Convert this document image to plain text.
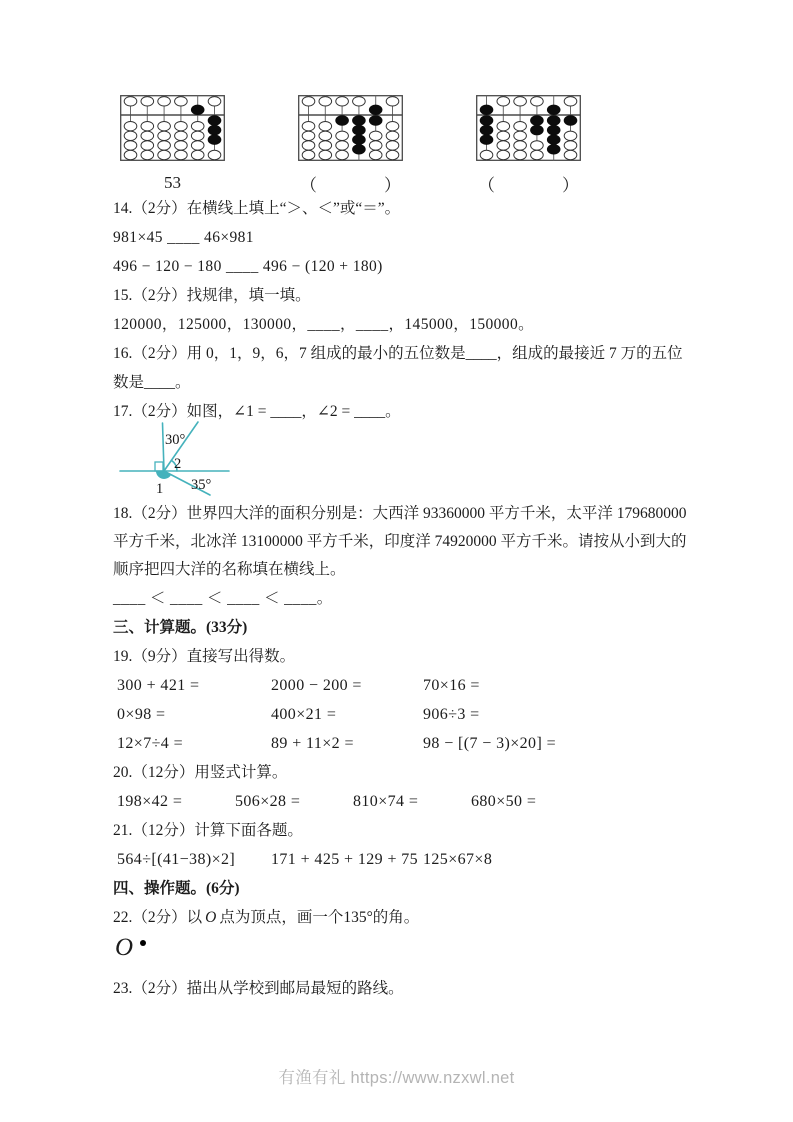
53	（	）	（	）

14.（2分）在横线上填上“＞、＜”或“＝”。

981×45 ____ 46×981

496 − 120 − 180 ____ 496 − (120 + 180)

15.（2分）找规律，填一填。

120000，125000，130000，____，____，145000，150000。

16.（2分）用 0，1，9，6，7 组成的最小的五位数是____，组成的最接近 7 万的五位数是____。

17.（2分）如图，∠1 = ____，∠2 = ____。

30°
2
1 35°

18.（2分）世界四大洋的面积分别是：大西洋 93360000 平方千米，太平洋 179680000 平方千米，北冰洋 13100000 平方千米，印度洋 74920000 平方千米。请按从小到大的顺序把四大洋的名称填在横线上。

____ ＜ ____ ＜ ____ ＜ ____。

三、计算题。(33分)

19.（9分）直接写出得数。

300 + 421 =	2000 − 200 =	70×16 =
0×98 =	400×21 =	906÷3 =
12×7÷4 =	89 + 11×2 =	98 − [(7 − 3)×20] =

20.（12分）用竖式计算。

198×42 =	506×28 =	810×74 =	680×50 =

21.（12分）计算下面各题。

564÷[(41−38)×2]	171 + 425 + 129 + 75 125×67×8

四、操作题。(6分)

22.（2分）以 O 点为顶点，画一个135°的角。

O

23.（2分）描出从学校到邮局最短的路线。

有渔有礼 https://www.nzxwl.net
